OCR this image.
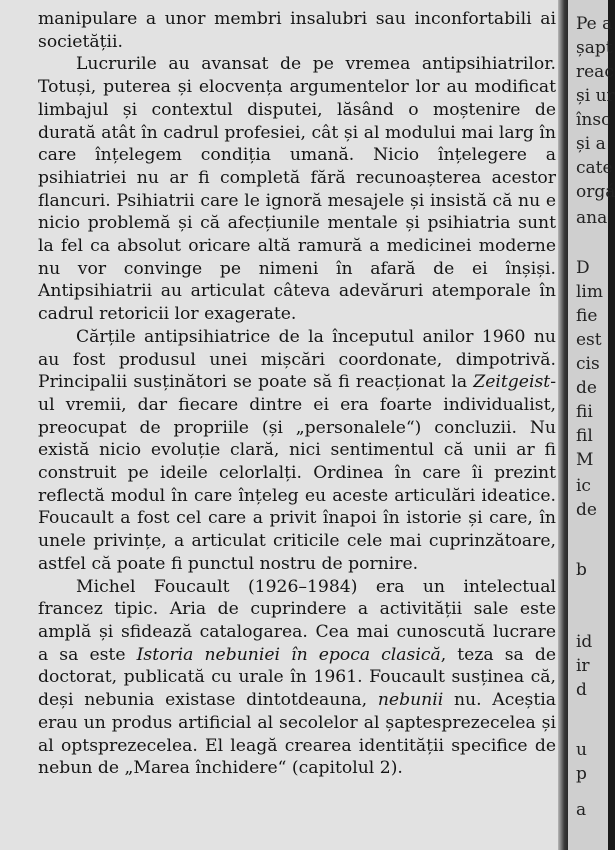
manipulare a unor membri insalubri sau inconfortabili ai societății.

Lucrurile au avansat de pe vremea antipsihiatrilor. Totuși, puterea și elocvența argumentelor lor au modificat limbajul și contextul disputei, lăsând o moștenire de durată atât în cadrul profesiei, cât și al modului mai larg în care înțelegem condiția umană. Nicio înțelegere a psihiatriei nu ar fi completă fără recunoașterea acestor flancuri. Psihiatrii care le ignoră mesajele și insistă că nu e nicio problemă și că afecțiunile mentale și psihiatria sunt la fel ca absolut oricare altă ramură a medicinei moderne nu vor convinge pe nimeni în afară de ei înșiși. Antipsihiatrii au articulat câteva adevăruri atemporale în cadrul retoricii lor exagerate.

Cărțile antipsihiatrice de la începutul anilor 1960 nu au fost produsul unei mișcări coordonate, dimpotrivă. Principalii susținători se poate să fi reacționat la Zeitgeist-ul vremii, dar fiecare dintre ei era foarte individualist, preocupat de propriile (și „personalele“) concluzii. Nu există nicio evoluție clară, nici sentimentul că unii ar fi construit pe ideile celorlalți. Ordinea în care îi prezint reflectă modul în care înțeleg eu aceste articulări ideatice. Foucault a fost cel care a privit înapoi în istorie și care, în unele privințe, a articulat criticile cele mai cuprinzătoare, astfel că poate fi punctul nostru de pornire.

Michel Foucault (1926–1984) era un intelectual francez tipic. Aria de cuprindere a activității sale este amplă și sfidează catalogarea. Cea mai cunoscută lucrare a sa este Istoria nebuniei în epoca clasică, teza sa de doctorat, publicată cu urale în 1961. Foucault susținea că, deși nebunia existase dintotdeauna, nebunii nu. Aceștia erau un produs artificial al secolelor al șaptesprezecelea și al optsprezecelea. El leagă crearea identității specifice de nebun de „Marea închidere“ (capitolul 2).

Pe a
șapt
reac
și ur
însc
și a
cate
orgá
ana
D
lim
fie
est
cis
de
fii
fil
M
ic
de
b
id
ir
d
u
p
a
